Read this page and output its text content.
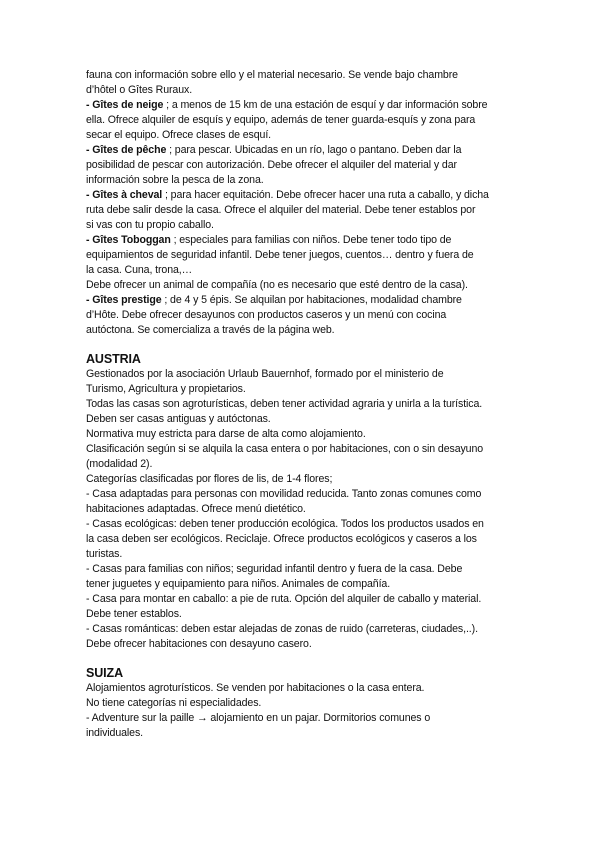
fauna con información sobre ello y el material necesario. Se vende bajo chambre
d’hôtel o Gîtes Ruraux.
- Gîtes de neige ; a menos de 15 km de una estación de esquí y dar información sobre
ella. Ofrece alquiler de esquís y equipo, además de tener guarda-esquís y zona para
secar el equipo. Ofrece clases de esquí.
- Gîtes de pêche ; para pescar. Ubicadas en un río, lago o pantano. Deben dar la
posibilidad de pescar con autorización. Debe ofrecer el alquiler del material y dar
información sobre la pesca de la zona.
- Gîtes à cheval ; para hacer equitación. Debe ofrecer hacer una ruta a caballo, y dicha
ruta debe salir desde la casa. Ofrece el alquiler del material. Debe tener establos por
si vas con tu propio caballo.
- Gîtes Toboggan ; especiales para familias con niños. Debe tener todo tipo de
equipamientos de seguridad infantil. Debe tener juegos, cuentos… dentro y fuera de
la casa. Cuna, trona,…
Debe ofrecer un animal de compañía (no es necesario que esté dentro de la casa).
- Gîtes prestige ; de 4 y 5 épis. Se alquilan por habitaciones, modalidad chambre
d’Hôte. Debe ofrecer desayunos con productos caseros y un menú con cocina
autóctona. Se comercializa a través de la página web.
AUSTRIA
Gestionados por la asociación Urlaub Bauernhof, formado por el ministerio de
Turismo, Agricultura y propietarios.
Todas las casas son agroturísticas, deben tener actividad agraria y unirla a la turística.
Deben ser casas antiguas y autóctonas.
Normativa muy estricta para darse de alta como alojamiento.
Clasificación según si se alquila la casa entera o por habitaciones, con o sin desayuno
(modalidad 2).
Categorías clasificadas por flores de lis, de 1-4 flores;
- Casa adaptadas para personas con movilidad reducida. Tanto zonas comunes como
habitaciones adaptadas. Ofrece menú dietético.
- Casas ecológicas: deben tener producción ecológica. Todos los productos usados en
la casa deben ser ecológicos. Reciclaje. Ofrece productos ecológicos y caseros a los
turistas.
- Casas para familias con niños; seguridad infantil dentro y fuera de la casa. Debe
tener juguetes y equipamiento para niños. Animales de compañía.
- Casa para montar en caballo: a pie de ruta. Opción del alquiler de caballo y material.
Debe tener establos.
- Casas románticas: deben estar alejadas de zonas de ruido (carreteras, ciudades,..).
Debe ofrecer habitaciones con desayuno casero.
SUIZA
Alojamientos agroturísticos. Se venden por habitaciones o la casa entera.
No tiene categorías ni especialidades.
- Adventure sur la paille → alojamiento en un pajar. Dormitorios comunes o
individuales.
